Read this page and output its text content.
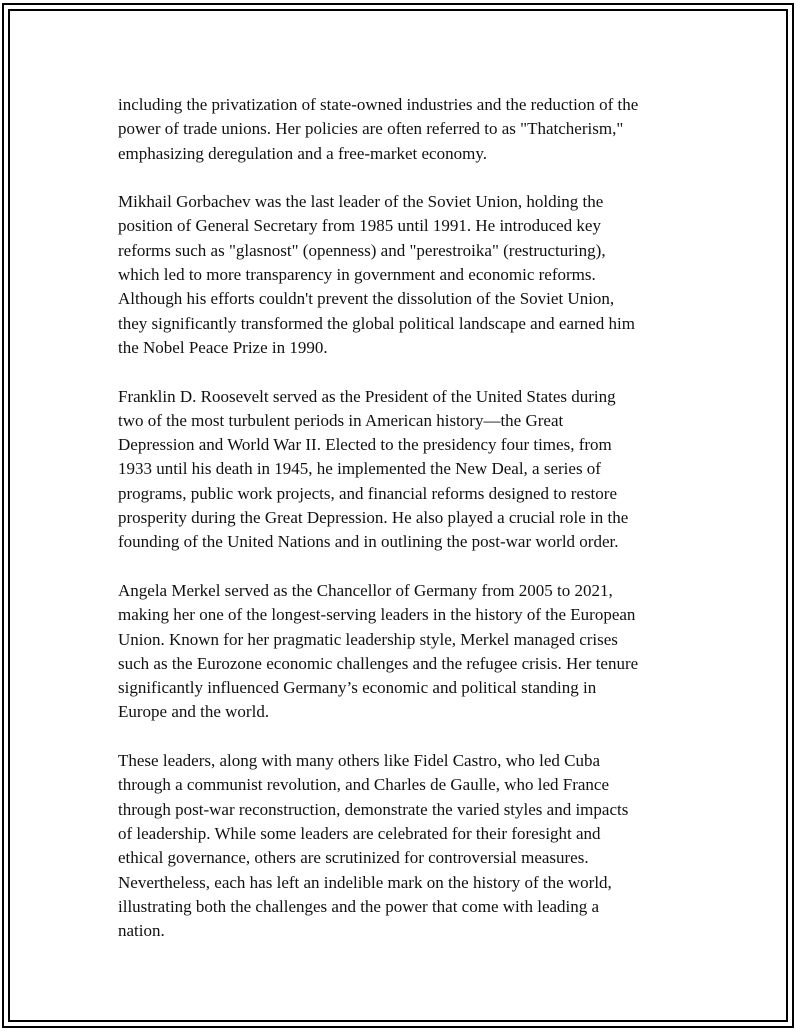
including the privatization of state-owned industries and the reduction of the
power of trade unions. Her policies are often referred to as "Thatcherism,"
emphasizing deregulation and a free-market economy.

Mikhail Gorbachev was the last leader of the Soviet Union, holding the
position of General Secretary from 1985 until 1991. He introduced key
reforms such as "glasnost" (openness) and "perestroika" (restructuring),
which led to more transparency in government and economic reforms.
Although his efforts couldn't prevent the dissolution of the Soviet Union,
they significantly transformed the global political landscape and earned him
the Nobel Peace Prize in 1990.

Franklin D. Roosevelt served as the President of the United States during
two of the most turbulent periods in American history—the Great
Depression and World War II. Elected to the presidency four times, from
1933 until his death in 1945, he implemented the New Deal, a series of
programs, public work projects, and financial reforms designed to restore
prosperity during the Great Depression. He also played a crucial role in the
founding of the United Nations and in outlining the post-war world order.

Angela Merkel served as the Chancellor of Germany from 2005 to 2021,
making her one of the longest-serving leaders in the history of the European
Union. Known for her pragmatic leadership style, Merkel managed crises
such as the Eurozone economic challenges and the refugee crisis. Her tenure
significantly influenced Germany’s economic and political standing in
Europe and the world.

These leaders, along with many others like Fidel Castro, who led Cuba
through a communist revolution, and Charles de Gaulle, who led France
through post-war reconstruction, demonstrate the varied styles and impacts
of leadership. While some leaders are celebrated for their foresight and
ethical governance, others are scrutinized for controversial measures.
Nevertheless, each has left an indelible mark on the history of the world,
illustrating both the challenges and the power that come with leading a
nation.
